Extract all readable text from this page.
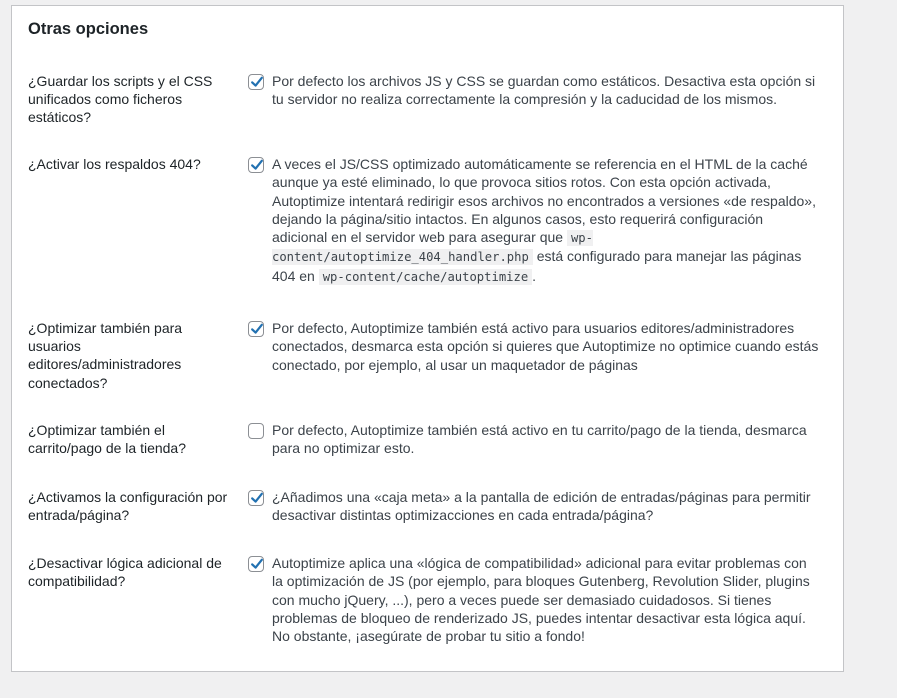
Otras opciones
¿Guardar los scripts y el CSS unificados como ficheros estáticos?
Por defecto los archivos JS y CSS se guardan como estáticos. Desactiva esta opción si tu servidor no realiza correctamente la compresión y la caducidad de los mismos.
¿Activar los respaldos 404?	A veces el JS/CSS optimizado automáticamente se referencia en el HTML de la caché aunque ya esté eliminado, lo que provoca sitios rotos. Con esta opción activada, Autoptimize intentará redirigir esos archivos no encontrados a versiones «de respaldo», dejando la página/sitio intactos. En algunos casos, esto requerirá configuración adicional en el servidor web para asegurar que wp-content/autoptimize_404_handler.php está configurado para manejar las páginas 404 en wp-content/cache/autoptimize .
¿Optimizar también para usuarios editores/administradores conectados?
Por defecto, Autoptimize también está activo para usuarios editores/administradores conectados, desmarca esta opción si quieres que Autoptimize no optimice cuando estás conectado, por ejemplo, al usar un maquetador de páginas
¿Optimizar también el carrito/pago de la tienda?
Por defecto, Autoptimize también está activo en tu carrito/pago de la tienda, desmarca para no optimizar esto.
¿Activamos la configuración por entrada/página?
¿Añadimos una «caja meta» a la pantalla de edición de entradas/páginas para permitir desactivar distintas optimizacciones en cada entrada/página?
¿Desactivar lógica adicional de compatibilidad?
Autoptimize aplica una «lógica de compatibilidad» adicional para evitar problemas con la optimización de JS (por ejemplo, para bloques Gutenberg, Revolution Slider, plugins con mucho jQuery, ...), pero a veces puede ser demasiado cuidadosos. Si tienes problemas de bloqueo de renderizado JS, puedes intentar desactivar esta lógica aquí. No obstante, ¡asegúrate de probar tu sitio a fondo!
